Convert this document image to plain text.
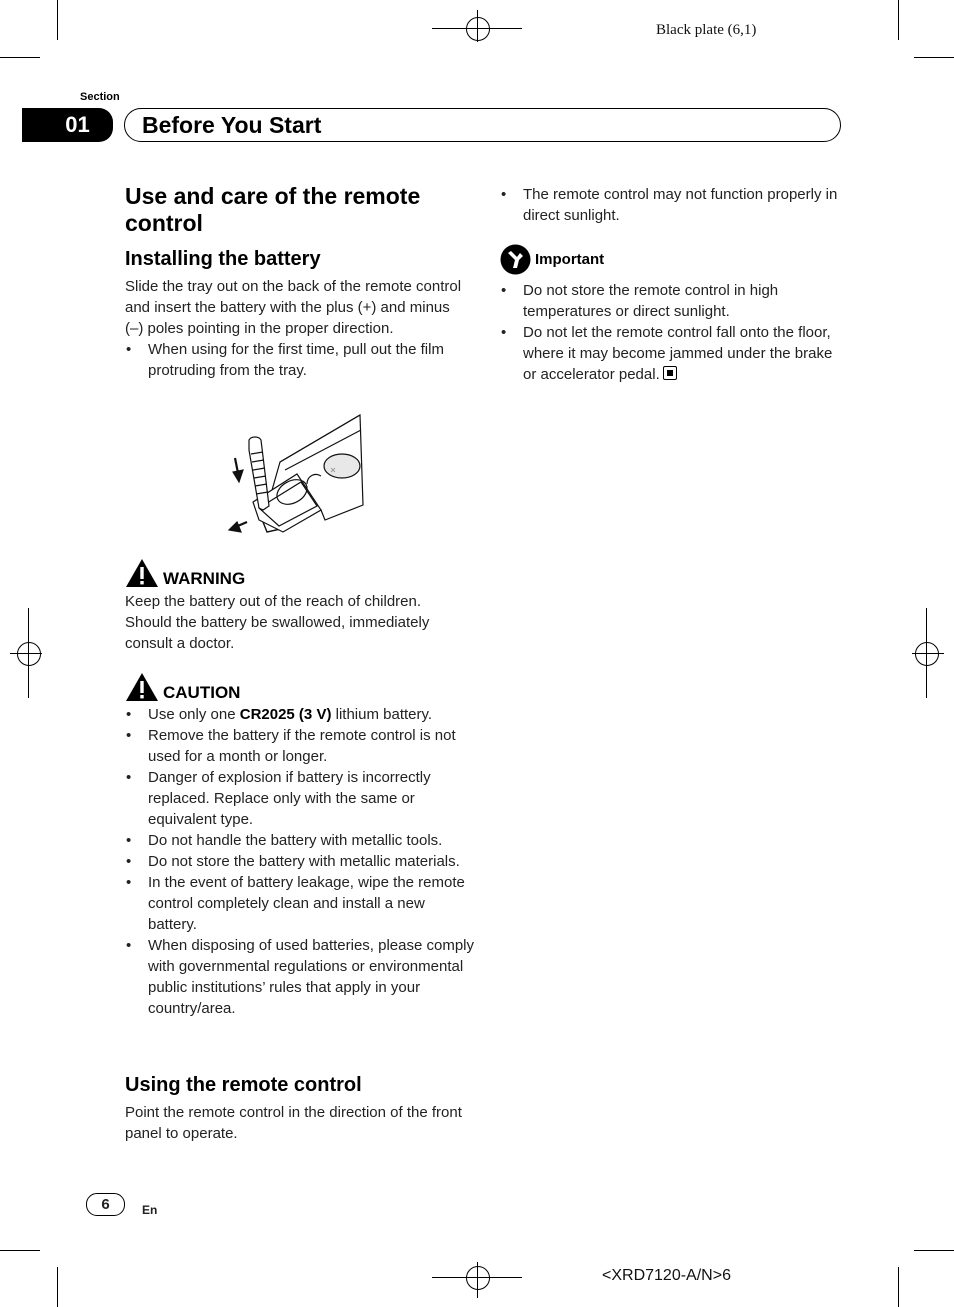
Black plate (6,1)
Section
01 Before You Start
Use and care of the remote control
Installing the battery
Slide the tray out on the back of the remote control and insert the battery with the plus (+) and minus (–) poles pointing in the proper direction.
• When using for the first time, pull out the film protruding from the tray.
WARNING
Keep the battery out of the reach of children. Should the battery be swallowed, immediately consult a doctor.
CAUTION
• Use only one CR2025 (3 V) lithium battery.
• Remove the battery if the remote control is not used for a month or longer.
• Danger of explosion if battery is incorrectly replaced. Replace only with the same or equivalent type.
• Do not handle the battery with metallic tools.
• Do not store the battery with metallic materials.
• In the event of battery leakage, wipe the remote control completely clean and install a new battery.
• When disposing of used batteries, please comply with governmental regulations or environmental public institutions’ rules that apply in your country/area.
Using the remote control
Point the remote control in the direction of the front panel to operate.
• The remote control may not function properly in direct sunlight.
Important
• Do not store the remote control in high temperatures or direct sunlight.
• Do not let the remote control fall onto the floor, where it may become jammed under the brake or accelerator pedal.
6	En
<XRD7120-A/N>6
